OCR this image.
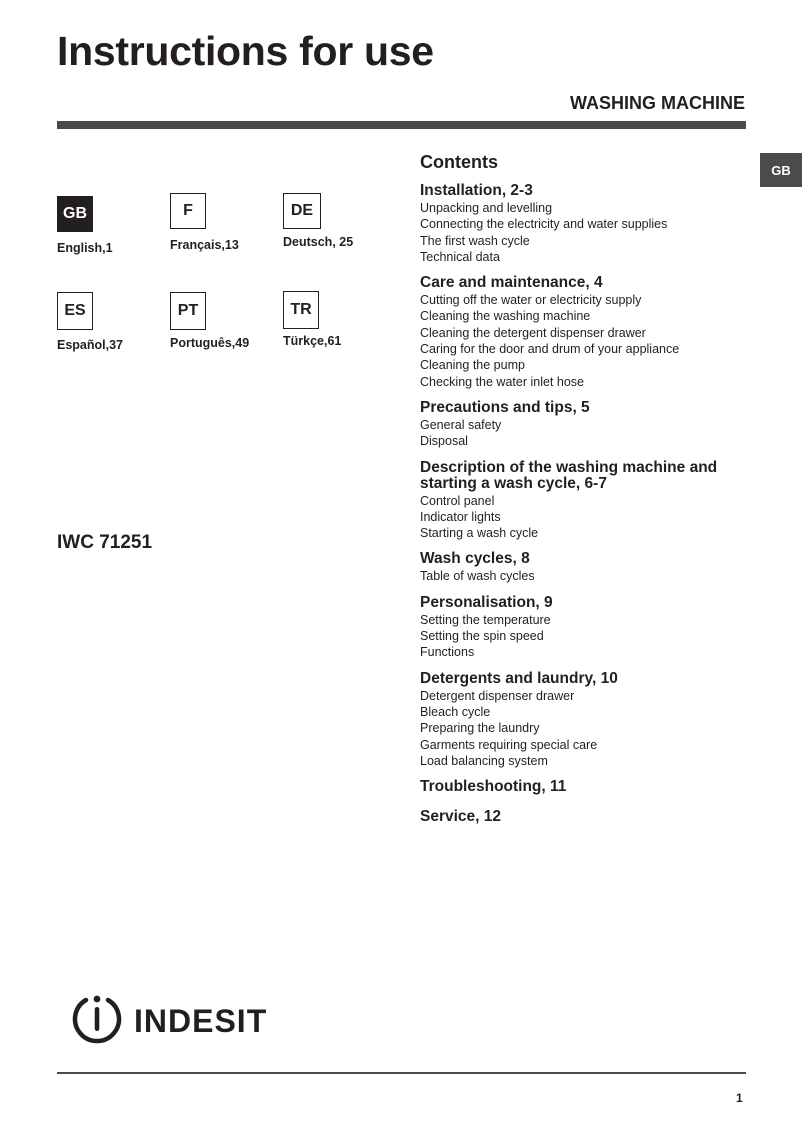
Instructions for use
WASHING MACHINE
GB
GB
English,1
F
Français,13
DE
Deutsch, 25
ES
Español,37
PT
Português,49
TR
Türkçe,61
IWC 71251
Contents
Installation, 2-3
Unpacking and levelling
Connecting the electricity and water supplies
The first wash cycle
Technical data
Care and maintenance, 4
Cutting off the water or electricity supply
Cleaning the washing machine
Cleaning the detergent dispenser drawer
Caring for the door and drum of your appliance
Cleaning the pump
Checking the water inlet hose
Precautions and tips, 5
General safety
Disposal
Description of the washing machine and starting a wash cycle, 6-7
Control panel
Indicator lights
Starting a wash cycle
Wash cycles, 8
Table of wash cycles
Personalisation, 9
Setting the temperature
Setting the spin speed
Functions
Detergents and laundry, 10
Detergent dispenser drawer
Bleach cycle
Preparing the laundry
Garments requiring special care
Load balancing system
Troubleshooting, 11
Service, 12
INDESIT
1
